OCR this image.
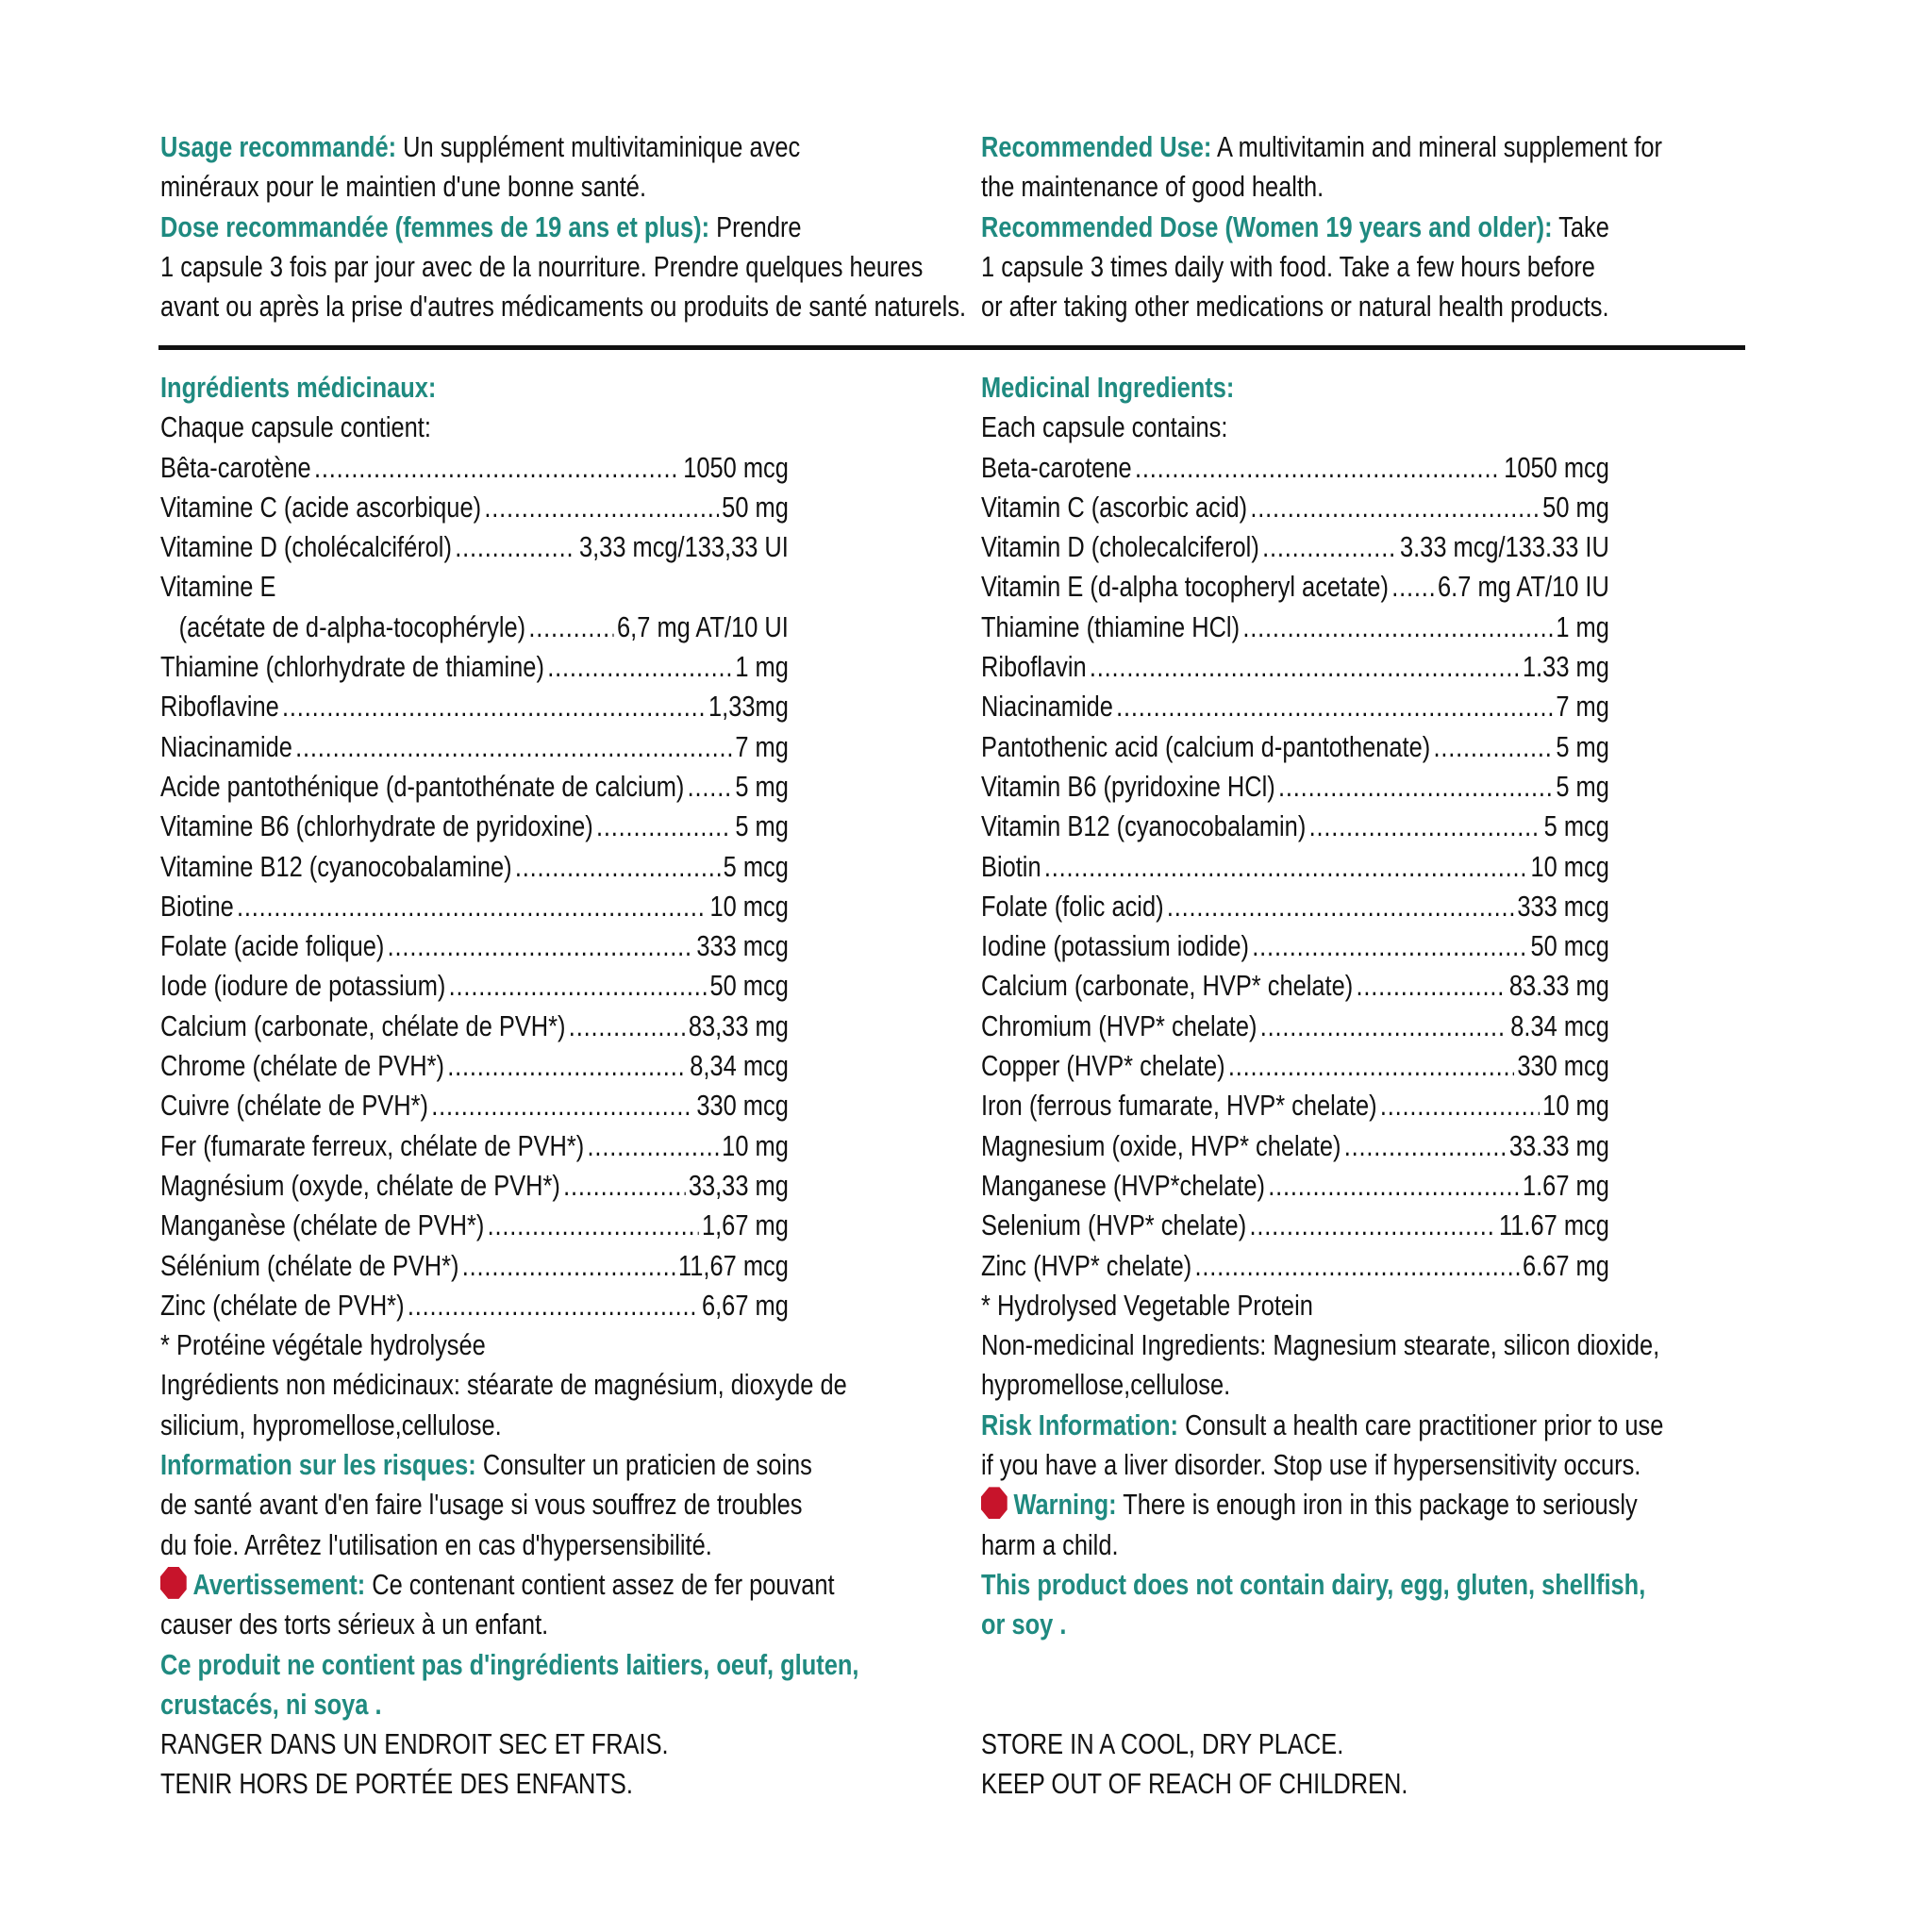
Usage recommandé: Un supplément multivitaminique avec
minéraux pour le maintien d'une bonne santé.
Dose recommandée (femmes de 19 ans et plus): Prendre
1 capsule 3 fois par jour avec de la nourriture. Prendre quelques heures
avant ou après la prise d'autres médicaments ou produits de santé naturels.
Recommended Use: A multivitamin and mineral supplement for
the maintenance of good health.
Recommended Dose (Women 19 years and older): Take
1 capsule 3 times daily with food. Take a few hours before
or after taking other medications or natural health products.
Ingrédients médicinaux:
Chaque capsule contient:
Bêta-carotène .....	1050 mcg
Vitamine C (acide ascorbique) .....	50 mg
Vitamine D (cholécalciférol) .....	3,33 mcg/133,33 UI
Vitamine E
(acétate de d-alpha-tocophéryle) .....	6,7 mg AT/10 UI
Thiamine (chlorhydrate de thiamine) .....	1 mg
Riboflavine .....	1,33mg
Niacinamide .....	7 mg
Acide pantothénique (d-pantothénate de calcium) ..... 5 mg
Vitamine B6 (chlorhydrate de pyridoxine) .....	5 mg
Vitamine B12 (cyanocobalamine) .....	5 mcg
Biotine .....	10 mcg
Folate (acide folique) .....	333 mcg
Iode (iodure de potassium) .....	50 mcg
Calcium (carbonate, chélate de PVH*) .....	83,33 mg
Chrome (chélate de PVH*) .....	8,34 mcg
Cuivre (chélate de PVH*) .....	330 mcg
Fer (fumarate ferreux, chélate de PVH*) .....	10 mg
Magnésium (oxyde, chélate de PVH*) .....	33,33 mg
Manganèse (chélate de PVH*) .....	1,67 mg
Sélénium (chélate de PVH*) .....	11,67 mcg
Zinc (chélate de PVH*) .....	6,67 mg
* Protéine végétale hydrolysée
Ingrédients non médicinaux: stéarate de magnésium, dioxyde de
silicium, hypromellose,cellulose.
Information sur les risques: Consulter un praticien de soins
de santé avant d'en faire l'usage si vous souffrez de troubles
du foie. Arrêtez l'utilisation en cas d'hypersensibilité.
Avertissement: Ce contenant contient assez de fer pouvant
causer des torts sérieux à un enfant.
Ce produit ne contient pas d'ingrédients laitiers, oeuf, gluten,
crustacés, ni soya .
RANGER DANS UN ENDROIT SEC ET FRAIS.
TENIR HORS DE PORTÉE DES ENFANTS.
Medicinal Ingredients:
Each capsule contains:
Beta-carotene .....	1050 mcg
Vitamin C (ascorbic acid) .....	50 mg
Vitamin D (cholecalciferol) .....	3.33 mcg/133.33 IU
Vitamin E (d-alpha tocopheryl acetate) ..... 6.7 mg AT/10 IU
Thiamine (thiamine HCl) .....	1 mg
Riboflavin .....	1.33 mg
Niacinamide .....	7 mg
Pantothenic acid (calcium d-pantothenate) .....	5 mg
Vitamin B6 (pyridoxine HCl) .....	5 mg
Vitamin B12 (cyanocobalamin) .....	5 mcg
Biotin .....	10 mcg
Folate (folic acid) .....	333 mcg
Iodine (potassium iodide) .....	50 mcg
Calcium (carbonate, HVP* chelate) .....	83.33 mg
Chromium (HVP* chelate) .....	8.34 mcg
Copper (HVP* chelate) .....	330 mcg
Iron (ferrous fumarate, HVP* chelate) .....	10 mg
Magnesium (oxide, HVP* chelate) .....	33.33 mg
Manganese (HVP*chelate) .....	1.67 mg
Selenium (HVP* chelate) .....	11.67 mcg
Zinc (HVP* chelate) .....	6.67 mg
* Hydrolysed Vegetable Protein
Non-medicinal Ingredients: Magnesium stearate, silicon dioxide,
hypromellose,cellulose.
Risk Information: Consult a health care practitioner prior to use
if you have a liver disorder. Stop use if hypersensitivity occurs.
Warning: There is enough iron in this package to seriously
harm a child.
This product does not contain dairy, egg, gluten, shellfish,
or soy .
STORE IN A COOL, DRY PLACE.
KEEP OUT OF REACH OF CHILDREN.
